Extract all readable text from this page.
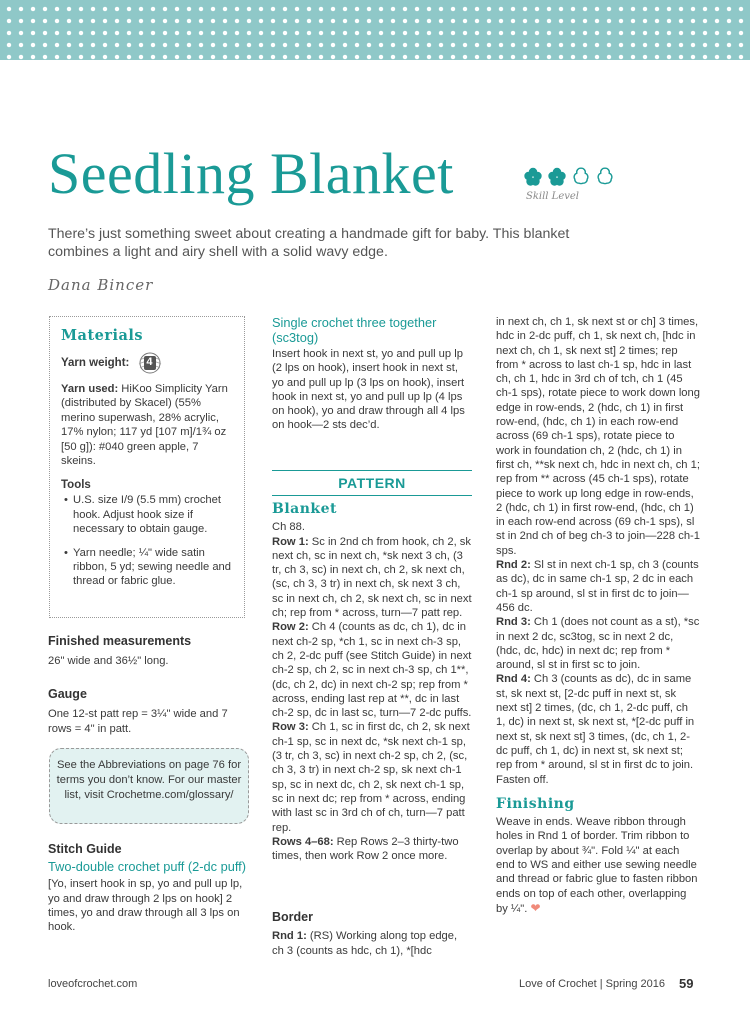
Seedling Blanket	Skill Level

There’s just something sweet about creating a handmade gift for baby. This blanket combines a light and airy shell with a solid wavy edge.

Dana Bincer
Materials
Yarn weight: 4
Yarn used: HiKoo Simplicity Yarn (distributed by Skacel) (55% merino superwash, 28% acrylic, 17% nylon; 117 yd [107 m]/1¾ oz [50 g]): #040 green apple, 7 skeins.
Tools
• U.S. size I/9 (5.5 mm) crochet hook. Adjust hook size if necessary to obtain gauge.
• Yarn needle; ¼" wide satin ribbon, 5 yd; sewing needle and thread or fabric glue.

Finished measurements

26" wide and 36½" long.

Gauge

One 12-st patt rep = 3¼" wide and 7 rows = 4" in patt.

See the Abbreviations on page 76 for terms you don’t know. For our master list, visit Crochetme.com/glossary/

Stitch Guide

Two-double crochet puff (2-dc puff)

[Yo, insert hook in sp, yo and pull up lp, yo and draw through 2 lps on hook] 2 times, yo and draw through all 3 lps on hook.

Single crochet three together (sc3tog)

Insert hook in next st, yo and pull up lp (2 lps on hook), insert hook in next st, yo and pull up lp (3 lps on hook), insert hook in next st, yo and pull up lp (4 lps on hook), yo and draw through all 4 lps on hook—2 sts dec’d.

PATTERN

Blanket

Ch 88.

Row 1: Sc in 2nd ch from hook, ch 2, sk next ch, sc in next ch, *sk next 3 ch, (3 tr, ch 3, sc) in next ch, ch 2, sk next ch, (sc, ch 3, 3 tr) in next ch, sk next 3 ch, sc in next ch, ch 2, sk next ch, sc in next ch; rep from * across, turn—7 patt rep.

Row 2: Ch 4 (counts as dc, ch 1), dc in next ch-2 sp, *ch 1, sc in next ch-3 sp, ch 2, 2-dc puff (see Stitch Guide) in next ch-2 sp, ch 2, sc in next ch-3 sp, ch 1**, (dc, ch 2, dc) in next ch-2 sp; rep from * across, ending last rep at **, dc in last ch-2 sp, dc in last sc, turn—7 2-dc puffs.

Row 3: Ch 1, sc in first dc, ch 2, sk next ch-1 sp, sc in next dc, *sk next ch-1 sp, (3 tr, ch 3, sc) in next ch-2 sp, ch 2, (sc, ch 3, 3 tr) in next ch-2 sp, sk next ch-1 sp, sc in next dc, ch 2, sk next ch-1 sp, sc in next dc; rep from * across, ending with last sc in 3rd ch of ch, turn—7 patt rep.

Rows 4–68: Rep Rows 2–3 thirty-two times, then work Row 2 once more.

Border

Rnd 1: (RS) Working along top edge, ch 3 (counts as hdc, ch 1), *[hdc

in next ch, ch 1, sk next st or ch] 3 times, hdc in 2-dc puff, ch 1, sk next ch, [hdc in next ch, ch 1, sk next st] 2 times; rep from * across to last ch-1 sp, hdc in last ch, ch 1, hdc in 3rd ch of tch, ch 1 (45 ch-1 sps), rotate piece to work down long edge in row-ends, 2 (hdc, ch 1) in first row-end, (hdc, ch 1) in each row-end across (69 ch-1 sps), rotate piece to work in foundation ch, 2 (hdc, ch 1) in first ch, **sk next ch, hdc in next ch, ch 1; rep from ** across (45 ch-1 sps), rotate piece to work up long edge in row-ends, 2 (hdc, ch 1) in first row-end, (hdc, ch 1) in each row-end across (69 ch-1 sps), sl st in 2nd ch of beg ch-3 to join—228 ch-1 sps.

Rnd 2: Sl st in next ch-1 sp, ch 3 (counts as dc), dc in same ch-1 sp, 2 dc in each ch-1 sp around, sl st in first dc to join—456 dc.

Rnd 3: Ch 1 (does not count as a st), *sc in next 2 dc, sc3tog, sc in next 2 dc, (hdc, dc, hdc) in next dc; rep from * around, sl st in first sc to join.

Rnd 4: Ch 3 (counts as dc), dc in same st, sk next st, [2-dc puff in next st, sk next st] 2 times, (dc, ch 1, 2-dc puff, ch 1, dc) in next st, sk next st, *[2-dc puff in next st, sk next st] 3 times, (dc, ch 1, 2-dc puff, ch 1, dc) in next st, sk next st; rep from * around, sl st in first dc to join. Fasten off.

Finishing

Weave in ends. Weave ribbon through holes in Rnd 1 of border. Trim ribbon to overlap by about ¾". Fold ¼" at each end to WS and either use sewing needle and thread or fabric glue to fasten ribbon ends on top of each other, overlapping by ¼". ❤

loveofcrochet.com	Love of Crochet | Spring 2016 59
